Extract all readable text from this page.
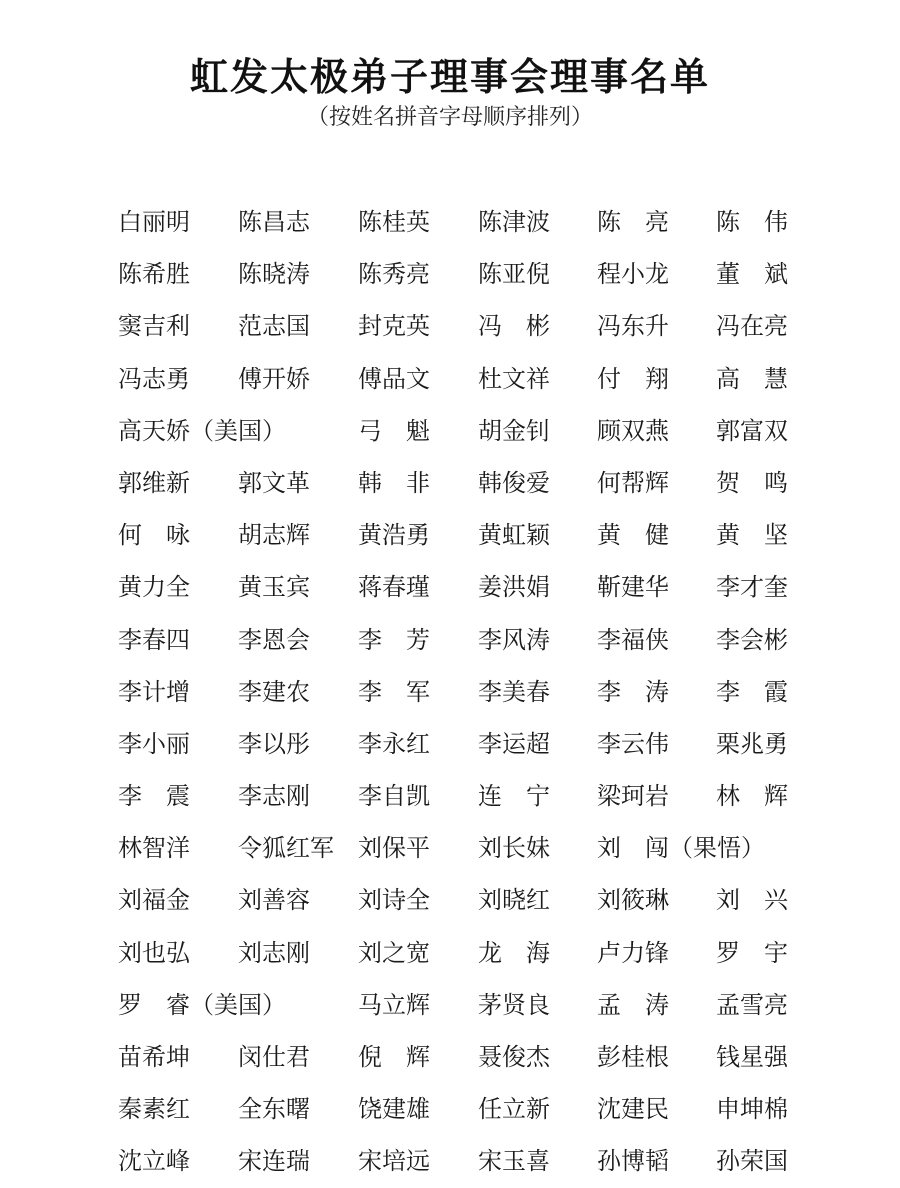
虹发太极弟子理事会理事名单
（按姓名拼音字母顺序排列）
白丽明 陈昌志 陈桂英 陈津波 陈　亮 陈　伟
陈希胜 陈晓涛 陈秀亮 陈亚倪 程小龙 董　斌
窦吉利 范志国 封克英 冯　彬 冯东升 冯在亮
冯志勇 傅开娇 傅品文 杜文祥 付　翔 高　慧
高天娇（美国）	弓　魁 胡金钊 顾双燕 郭富双
郭维新 郭文革 韩　非 韩俊爱 何帮辉 贺　鸣
何　咏 胡志辉 黄浩勇 黄虹颖 黄　健 黄　坚
黄力全 黄玉宾 蒋春瑾 姜洪娟 靳建华 李才奎
李春四 李恩会 李　芳 李风涛 李福侠 李会彬
李计增 李建农 李　军 李美春 李　涛 李　霞
李小丽 李以彤 李永红 李运超 李云伟 栗兆勇
李　震 李志刚 李自凯 连　宁 梁珂岩 林　辉
林智洋 令狐红军 刘保平 刘长妹 刘　闯（果悟）
刘福金 刘善容 刘诗全 刘晓红 刘筱琳 刘　兴
刘也弘 刘志刚 刘之宽 龙　海 卢力锋 罗　宇
罗　睿（美国）	马立辉 茅贤良 孟　涛 孟雪亮
苗希坤 闵仕君 倪　辉 聂俊杰 彭桂根 钱星强
秦素红 全东曙 饶建雄 任立新 沈建民 申坤棉
沈立峰 宋连瑞 宋培远 宋玉喜 孙博韬 孙荣国
